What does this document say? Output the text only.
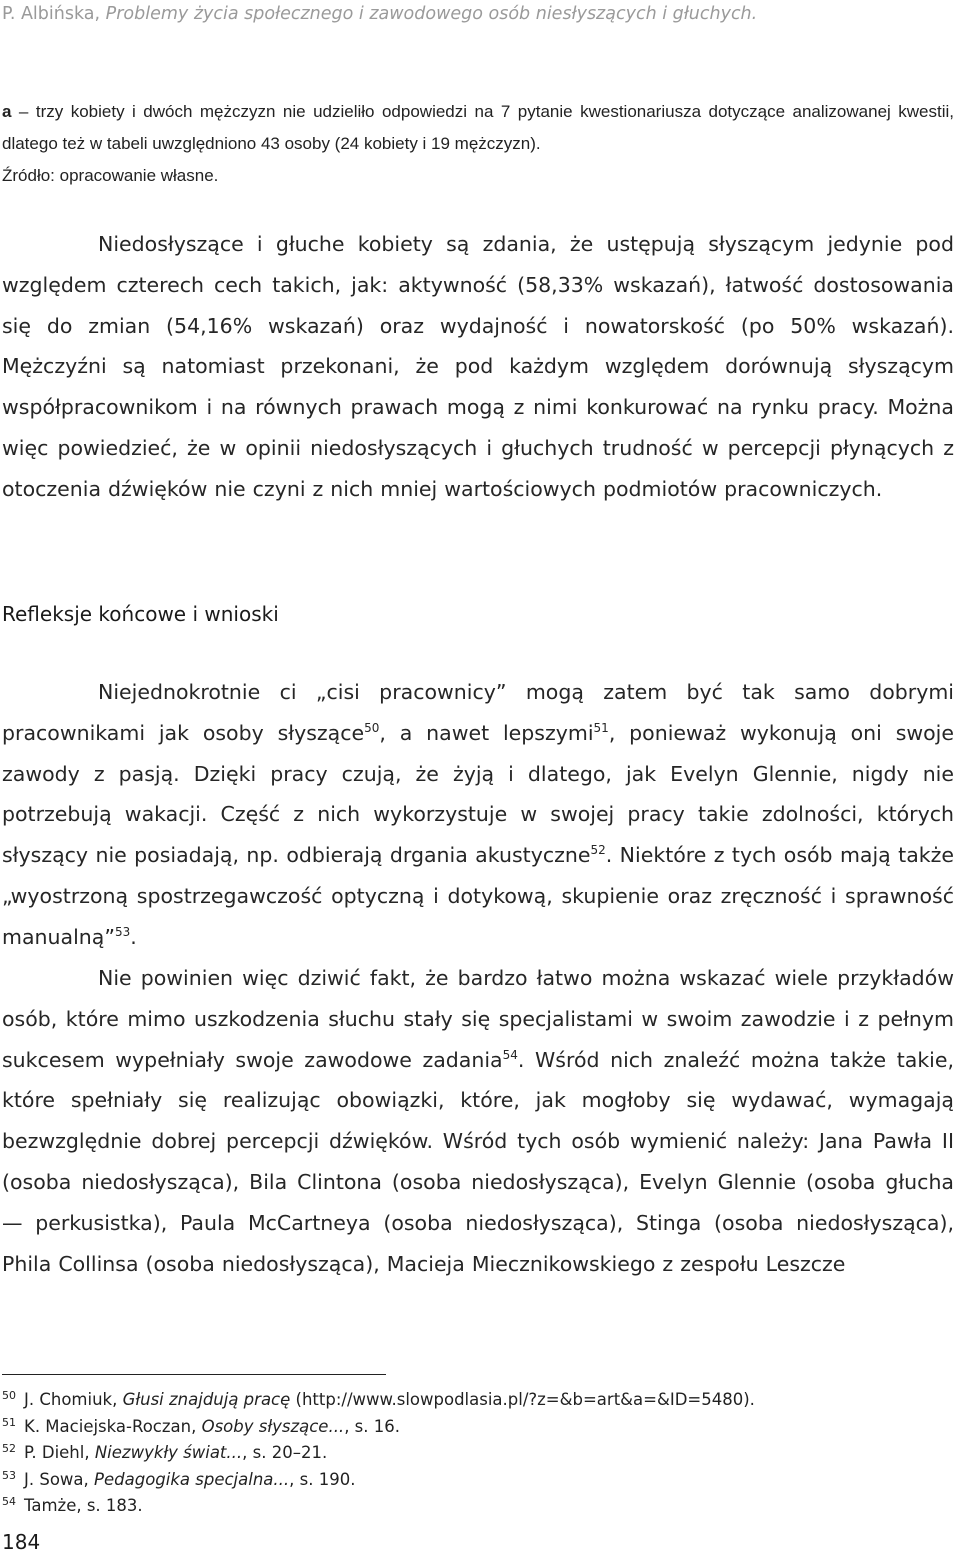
P. Albińska, Problemy życia społecznego i zawodowego osób niesłyszących i głuchych.
a – trzy kobiety i dwóch mężczyzn nie udzieliło odpowiedzi na 7 pytanie kwestionariusza dotyczące analizowanej kwestii, dlatego też w tabeli uwzględniono 43 osoby (24 kobiety i 19 mężczyzn).
Źródło: opracowanie własne.

Niedosłyszące i głuche kobiety są zdania, że ustępują słyszącym jedynie pod względem czterech cech takich, jak: aktywność (58,33% wskazań), łatwość dostosowania się do zmian (54,16% wskazań) oraz wydajność i nowatorskość (po 50% wskazań). Mężczyźni są natomiast przekonani, że pod każdym względem dorównują słyszącym współpracownikom i na równych prawach mogą z nimi konkurować na rynku pracy. Można więc powiedzieć, że w opinii niedosłyszących i głuchych trudność w percepcji płynących z otoczenia dźwięków nie czyni z nich mniej wartościowych podmiotów pracowniczych.

Refleksje końcowe i wnioski

Niejednokrotnie ci „cisi pracownicy” mogą zatem być tak samo dobrymi pracownikami jak osoby słyszące$^{50}$, a nawet lepszymi$^{51}$, ponieważ wykonują oni swoje zawody z pasją. Dzięki pracy czują, że żyją i dlatego, jak Evelyn Glennie, nigdy nie potrzebują wakacji. Część z nich wykorzystuje w swojej pracy takie zdolności, których słyszący nie posiadają, np. odbierają drgania akustyczne$^{52}$. Niektóre z tych osób mają także „wyostrzoną spostrzegawczość optyczną i dotykową, skupienie oraz zręczność i sprawność manualną”$^{53}$.

Nie powinien więc dziwić fakt, że bardzo łatwo można wskazać wiele przykładów osób, które mimo uszkodzenia słuchu stały się specjalistami w swoim zawodzie i z pełnym sukcesem wypełniały swoje zawodowe zadania$^{54}$. Wśród nich znaleźć można także takie, które spełniały się realizując obowiązki, które, jak mogłoby się wydawać, wymagają bezwzględnie dobrej percepcji dźwięków. Wśród tych osób wymienić należy: Jana Pawła II (osoba niedosłysząca), Bila Clintona (osoba niedosłysząca), Evelyn Glennie (osoba głucha — perkusistka), Paula McCartneya (osoba niedosłysząca), Stinga (osoba niedosłysząca), Phila Collinsa (osoba niedosłysząca), Macieja Miecznikowskiego z zespołu Leszcze

50 J. Chomiuk, Głusi znajdują pracę (http://www.slowpodlasia.pl/?z=&b=art&a=&ID=5480).
51 K. Maciejska-Roczan, Osoby słyszące..., s. 16.
52 P. Diehl, Niezwykły świat..., s. 20–21.
53 J. Sowa, Pedagogika specjalna..., s. 190.
54 Tamże, s. 183.
184
